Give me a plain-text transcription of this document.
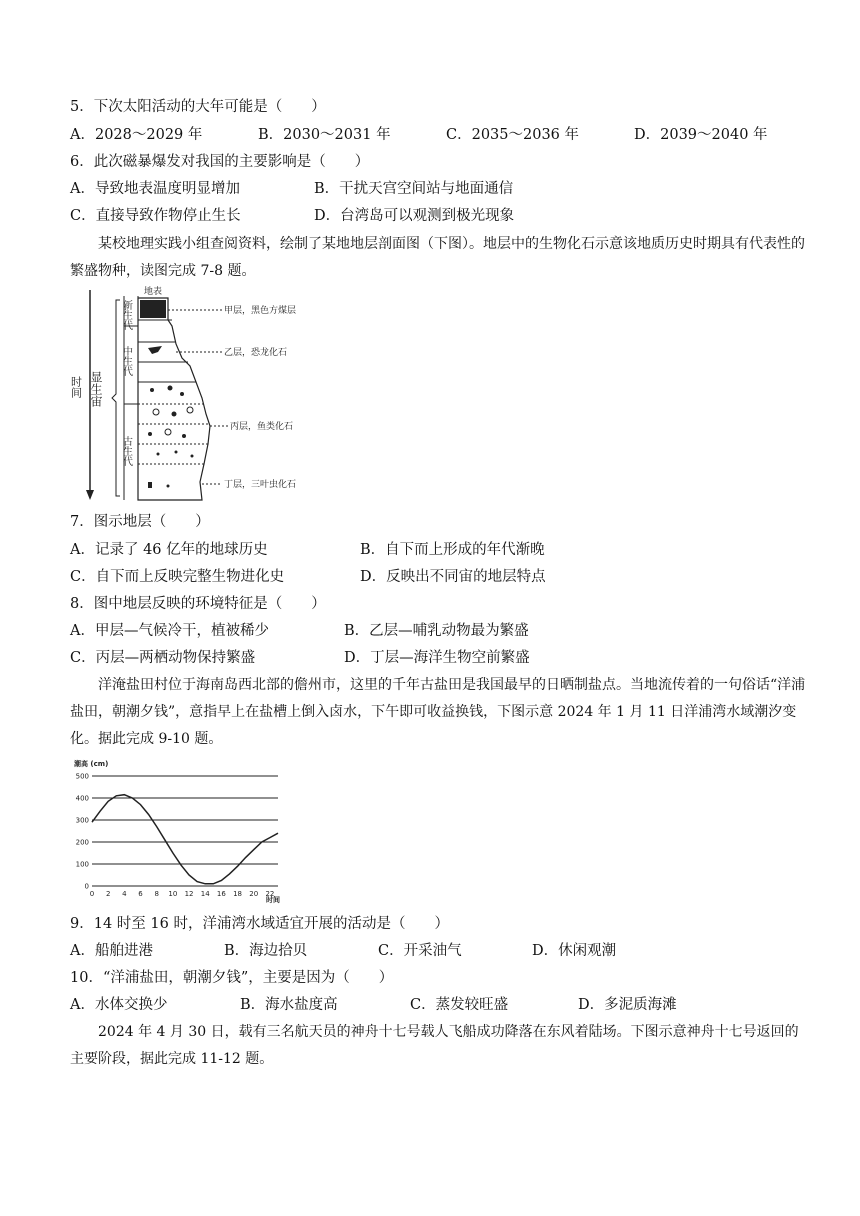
5．下次太阳活动的大年可能是（　　）
A．2028～2029 年	B．2030～2031 年	C．2035～2036 年	D．2039～2040 年
6．此次磁暴爆发对我国的主要影响是（　　）
A．导致地表温度明显增加	B．干扰天宫空间站与地面通信
C．直接导致作物停止生长	D．台湾岛可以观测到极光现象
某校地理实践小组查阅资料，绘制了某地地层剖面图（下图）。地层中的生物化石示意该地质历史时期具有代表性的繁盛物种，读图完成 7-8 题。
时间 显生宙
新生代
中生代
古生代
地表
甲层，黑色方煤层
乙层，恐龙化石
丙层，鱼类化石
丁层，三叶虫化石
7．图示地层（　　）
A．记录了 46 亿年的地球历史	B．自下而上形成的年代渐晚
C．自下而上反映完整生物进化史	D．反映出不同宙的地层特点
8．图中地层反映的环境特征是（　　）
A．甲层—气候冷干，植被稀少	B．乙层—哺乳动物最为繁盛
C．丙层—两栖动物保持繁盛	D．丁层—海洋生物空前繁盛
洋淹盐田村位于海南岛西北部的儋州市，这里的千年古盐田是我国最早的日晒制盐点。当地流传着的一句俗话“洋浦盐田，朝潮夕钱”，意指早上在盐槽上倒入卤水，下午即可收益换钱，下图示意 2024 年 1 月 11 日洋浦湾水域潮汐变化。据此完成 9-10 题。
潮高 (cm)
0
100
200
300
400
500
0 2 4 6 8 10 12 14 16 18 20 22
时间
9．14 时至 16 时，洋浦湾水域适宜开展的活动是（　　）
A．船舶进港	B．海边拾贝	C．开采油气	D．休闲观潮
10．“洋浦盐田，朝潮夕钱”，主要是因为（　　）
A．水体交换少	B．海水盐度高	C．蒸发较旺盛	D．多泥质海滩
2024 年 4 月 30 日，载有三名航天员的神舟十七号载人飞船成功降落在东风着陆场。下图示意神舟十七号返回的主要阶段，据此完成 11-12 题。
